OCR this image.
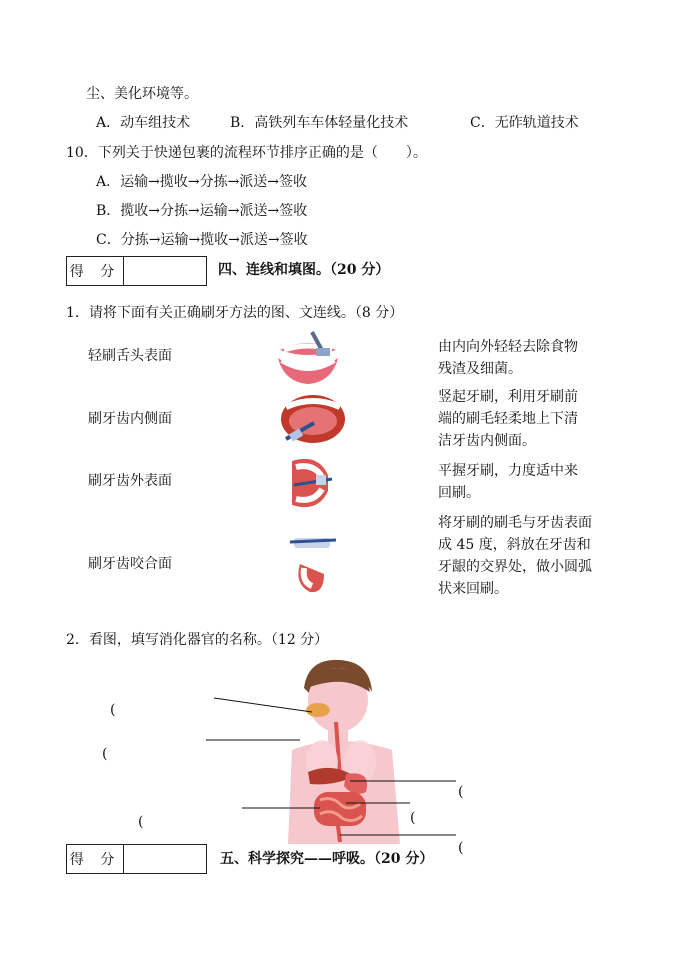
尘、美化环境等。
A．动车组技术	B．高铁列车车体轻量化技术	C．无砟轨道技术
10．下列关于快递包裹的流程环节排序正确的是（　　）。
A．运输→揽收→分拣→派送→签收
B．揽收→分拣→运输→派送→签收
C．分拣→运输→揽收→派送→签收
得 分	四、连线和填图。（20 分）
1．请将下面有关正确刷牙方法的图、文连线。（8 分）
轻刷舌头表面
刷牙齿内侧面
刷牙齿外表面
刷牙齿咬合面
由内向外轻轻去除食物残渣及细菌。
竖起牙刷，利用牙刷前端的刷毛轻柔地上下清洁牙齿内侧面。
平握牙刷，力度适中来回刷。
将牙刷的刷毛与牙齿表面成 45 度，斜放在牙齿和牙龈的交界处，做小圆弧状来回刷。
2．看图，填写消化器官的名称。（12 分）
(
(
(
(
(
(
得 分	五、科学探究——呼吸。（20 分）
